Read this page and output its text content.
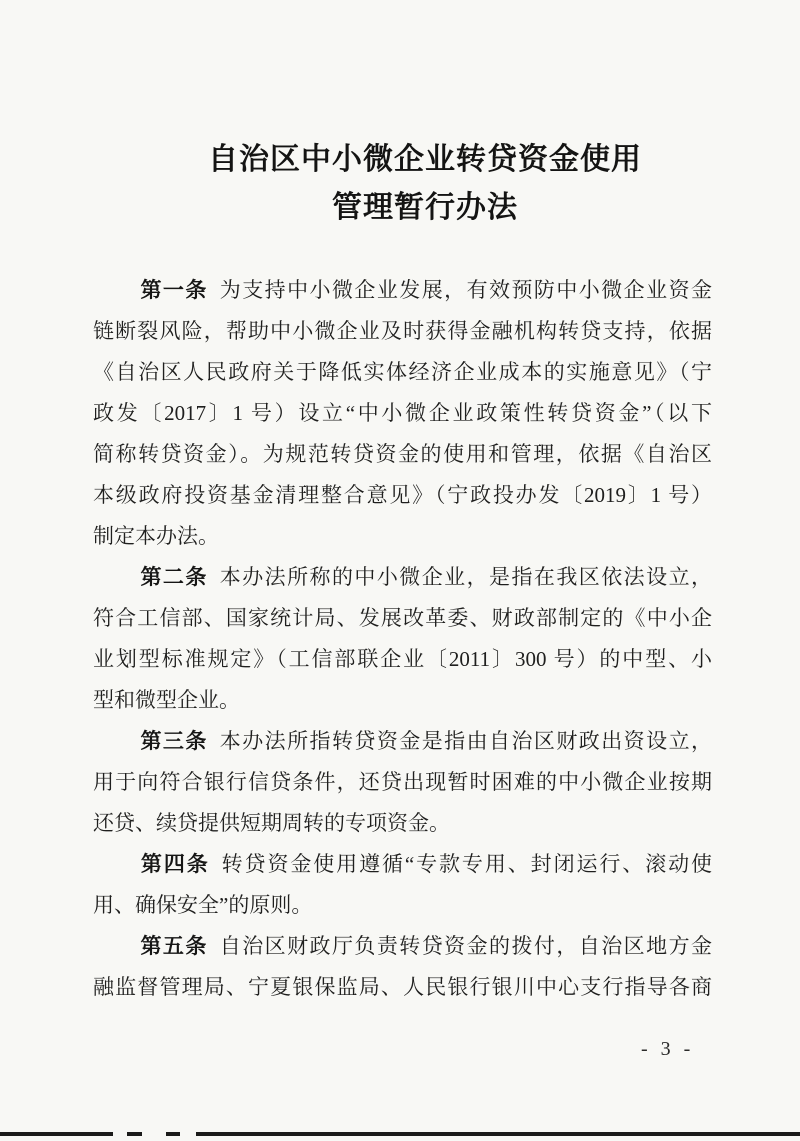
自治区中小微企业转贷资金使用
管理暂行办法
第一条 为支持中小微企业发展，有效预防中小微企业资金
链断裂风险，帮助中小微企业及时获得金融机构转贷支持，依据
《自治区人民政府关于降低实体经济企业成本的实施意见》（宁
政发〔2017〕1 号）设立“中小微企业政策性转贷资金”（以下
简称转贷资金）。为规范转贷资金的使用和管理，依据《自治区
本级政府投资基金清理整合意见》（宁政投办发〔2019〕1 号）
制定本办法。
第二条 本办法所称的中小微企业，是指在我区依法设立，
符合工信部、国家统计局、发展改革委、财政部制定的《中小企
业划型标准规定》（工信部联企业〔2011〕300 号）的中型、小
型和微型企业。
第三条 本办法所指转贷资金是指由自治区财政出资设立，
用于向符合银行信贷条件，还贷出现暂时困难的中小微企业按期
还贷、续贷提供短期周转的专项资金。
第四条 转贷资金使用遵循“专款专用、封闭运行、滚动使
用、确保安全”的原则。
第五条 自治区财政厅负责转贷资金的拨付，自治区地方金
融监督管理局、宁夏银保监局、人民银行银川中心支行指导各商
- 3 -
